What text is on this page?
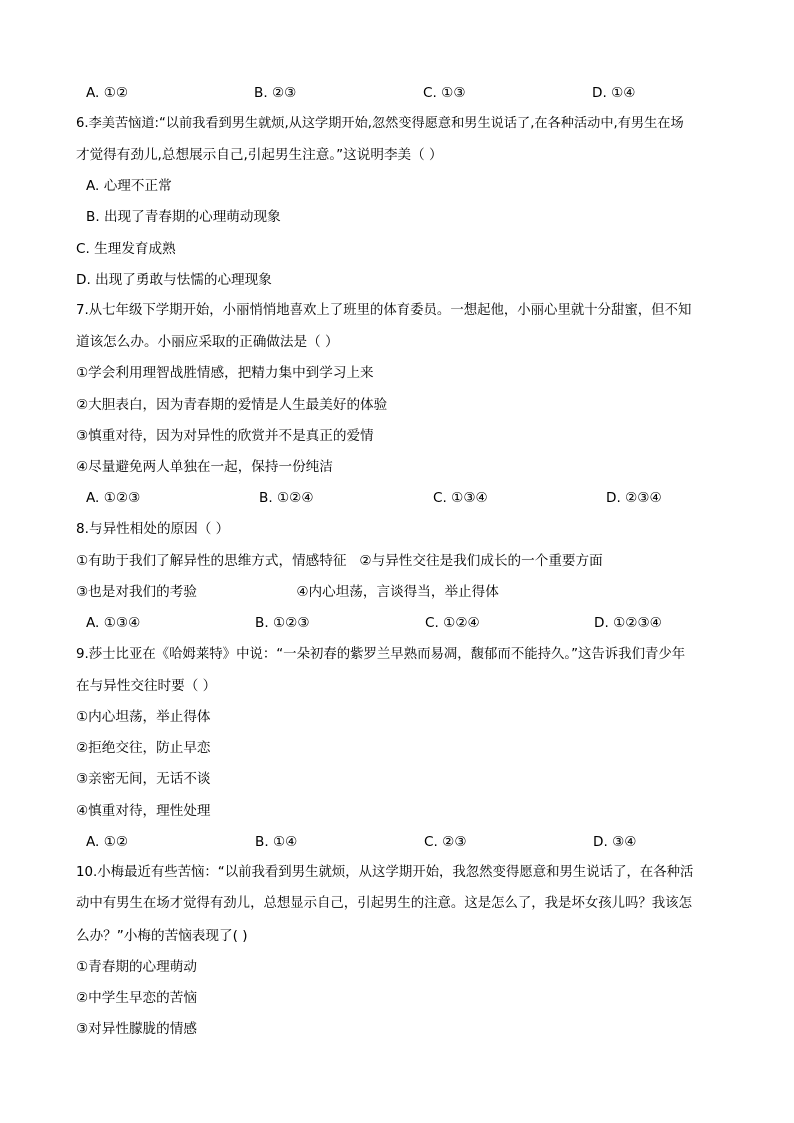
A. ①②	B. ②③	C. ①③	D. ①④
6.李美苦恼道:“以前我看到男生就烦,从这学期开始,忽然变得愿意和男生说话了,在各种活动中,有男生在场
才觉得有劲儿,总想展示自己,引起男生注意。”这说明李美（ ）
A. 心理不正常
B. 出现了青春期的心理萌动现象
C. 生理发育成熟
D. 出现了勇敢与怯懦的心理现象
7.从七年级下学期开始，小丽悄悄地喜欢上了班里的体育委员。一想起他，小丽心里就十分甜蜜，但不知
道该怎么办。小丽应采取的正确做法是（ ）
①学会利用理智战胜情感，把精力集中到学习上来
②大胆表白，因为青春期的爱情是人生最美好的体验
③慎重对待，因为对异性的欣赏并不是真正的爱情
④尽量避免两人单独在一起，保持一份纯洁
A. ①②③	B. ①②④	C. ①③④	D. ②③④
8.与异性相处的原因（ ）
①有助于我们了解异性的思维方式，情感特征   ②与异性交往是我们成长的一个重要方面
③也是对我们的考验                       ④内心坦荡，言谈得当，举止得体
A. ①③④	B. ①②③	C. ①②④	D. ①②③④
9.莎士比亚在《哈姆莱特》中说：“一朵初春的紫罗兰早熟而易凋，馥郁而不能持久。”这告诉我们青少年
在与异性交往时要（ ）
①内心坦荡，举止得体
②拒绝交往，防止早恋
③亲密无间，无话不谈
④慎重对待，理性处理
A. ①②	B. ①④	C. ②③	D. ③④
10.小梅最近有些苦恼：“以前我看到男生就烦，从这学期开始，我忽然变得愿意和男生说话了，在各种活
动中有男生在场才觉得有劲儿，总想显示自己，引起男生的注意。这是怎么了，我是坏女孩儿吗？我该怎
么办？”小梅的苦恼表现了( )
①青春期的心理萌动
②中学生早恋的苦恼
③对异性朦胧的情感
